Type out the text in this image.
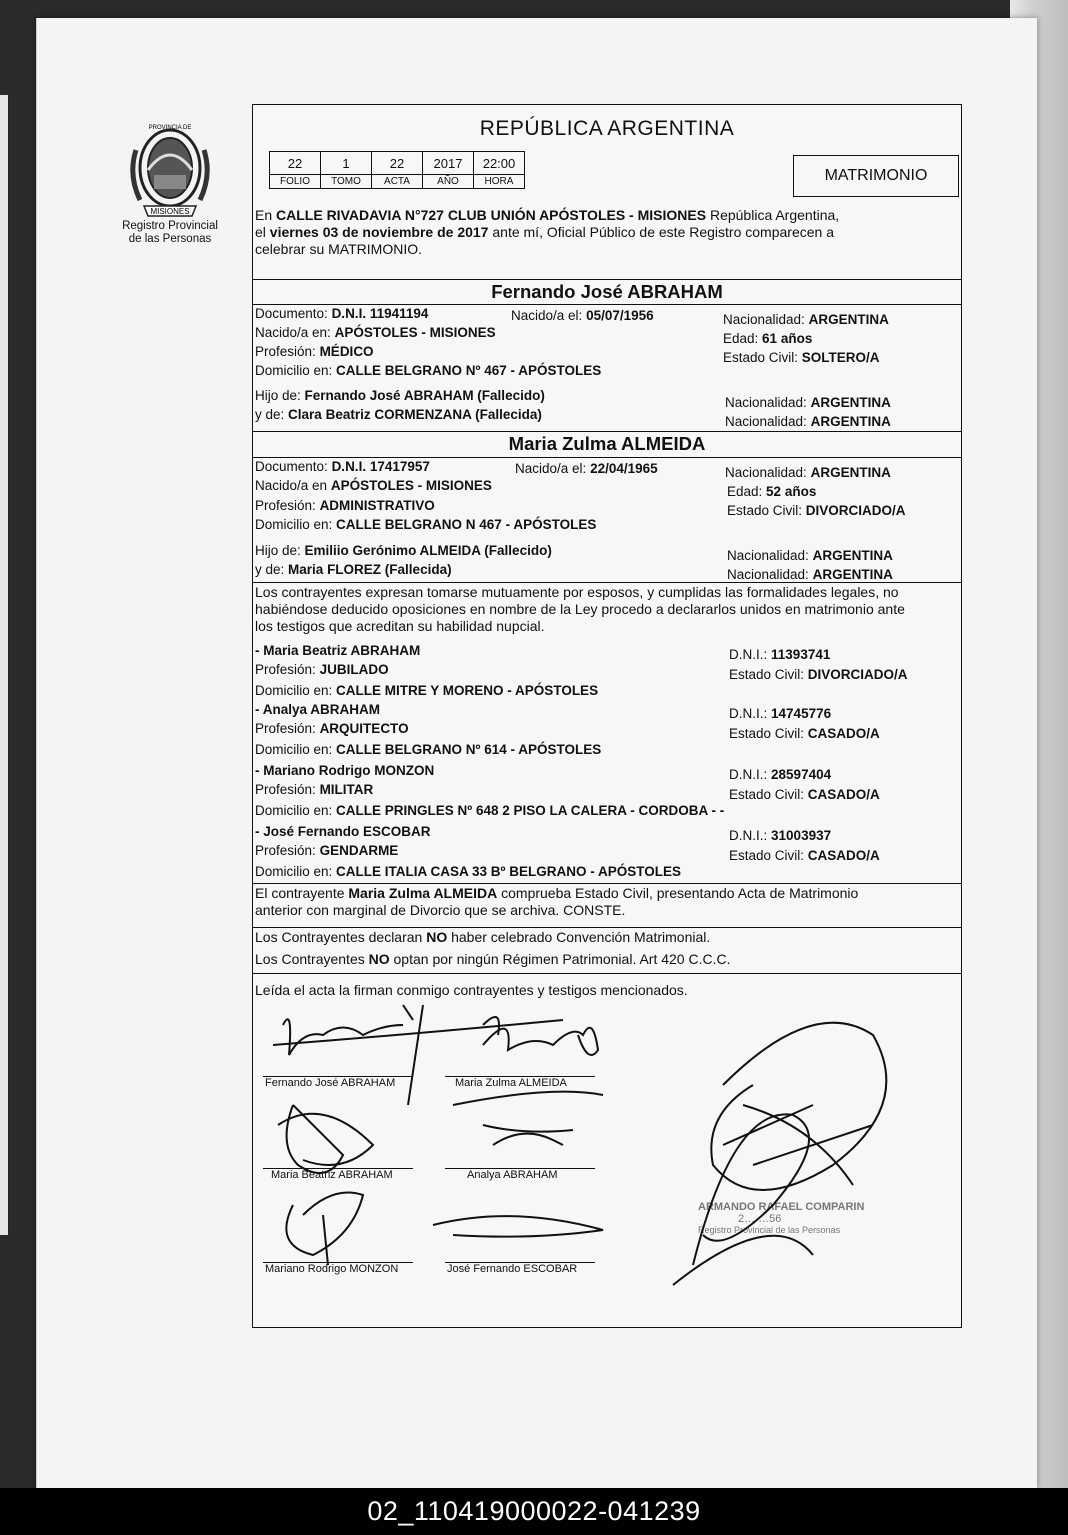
MISIONES
PROVINCIA DE
Registro Provincial
de las Personas
REPÚBLICA ARGENTINA
22	1	22	2017	22:00
FOLIO	TOMO	ACTA	AÑO	HORA	MATRIMONIO
En CALLE RIVADAVIA N°727 CLUB UNIÓN APÓSTOLES - MISIONES República Argentina,
el viernes 03 de noviembre de 2017 ante mí, Oficial Público de este Registro comparecen a
celebrar su MATRIMONIO.
Fernando José ABRAHAM
Documento: D.N.I. 11941194	Nacido/a el: 05/07/1956	Nacionalidad: ARGENTINA
Nacido/a en: APÓSTOLES - MISIONES	Edad: 61 años
Profesión: MÉDICO	Estado Civil: SOLTERO/A
Domicilio en: CALLE BELGRANO Nº 467 - APÓSTOLES
Hijo de: Fernando José ABRAHAM (Fallecido)	Nacionalidad: ARGENTINA
y de: Clara Beatriz CORMENZANA (Fallecida)	Nacionalidad: ARGENTINA
Maria Zulma ALMEIDA
Documento: D.N.I. 17417957	Nacido/a el: 22/04/1965	Nacionalidad: ARGENTINA
Nacido/a en APÓSTOLES - MISIONES	Edad: 52 años
Profesión: ADMINISTRATIVO	Estado Civil: DIVORCIADO/A
Domicilio en: CALLE BELGRANO N 467 - APÓSTOLES
Hijo de: Emiliio Gerónimo ALMEIDA (Fallecido)	Nacionalidad: ARGENTINA
y de: Maria FLOREZ (Fallecida)	Nacionalidad: ARGENTINA
Los contrayentes expresan tomarse mutuamente por esposos, y cumplidas las formalidades legales, no
habiéndose deducido oposiciones en nombre de la Ley procedo a declararlos unidos en matrimonio ante
los testigos que acreditan su habilidad nupcial.
- Maria Beatriz ABRAHAM	D.N.I.: 11393741
Profesión: JUBILADO	Estado Civil: DIVORCIADO/A
Domicilio en: CALLE MITRE Y MORENO - APÓSTOLES
- Analya ABRAHAM	D.N.I.: 14745776
Profesión: ARQUITECTO	Estado Civil: CASADO/A
Domicilio en: CALLE BELGRANO Nº 614 - APÓSTOLES
- Mariano Rodrigo MONZON	D.N.I.: 28597404
Profesión: MILITAR	Estado Civil: CASADO/A
Domicilio en: CALLE PRINGLES Nº 648 2 PISO LA CALERA - CORDOBA - -
- José Fernando ESCOBAR	D.N.I.: 31003937
Profesión: GENDARME	Estado Civil: CASADO/A
Domicilio en: CALLE ITALIA CASA 33 Bº BELGRANO - APÓSTOLES
El contrayente Maria Zulma ALMEIDA comprueba Estado Civil, presentando Acta de Matrimonio
anterior con marginal de Divorcio que se archiva. CONSTE.
Los Contrayentes declaran NO haber celebrado Convención Matrimonial.
Los Contrayentes NO optan por ningún Régimen Patrimonial. Art 420 C.C.C.
Leída el acta la firman conmigo contrayentes y testigos mencionados.
Fernando José ABRAHAM	Maria Zulma ALMEIDA
Maria Beatriz ABRAHAM	Analya ABRAHAM
Mariano Rodrigo MONZON	José Fernando ESCOBAR
ARMANDO RAFAEL COMPARIN
2… …56
Registro Provincial de las Personas
02_110419000022-041239
